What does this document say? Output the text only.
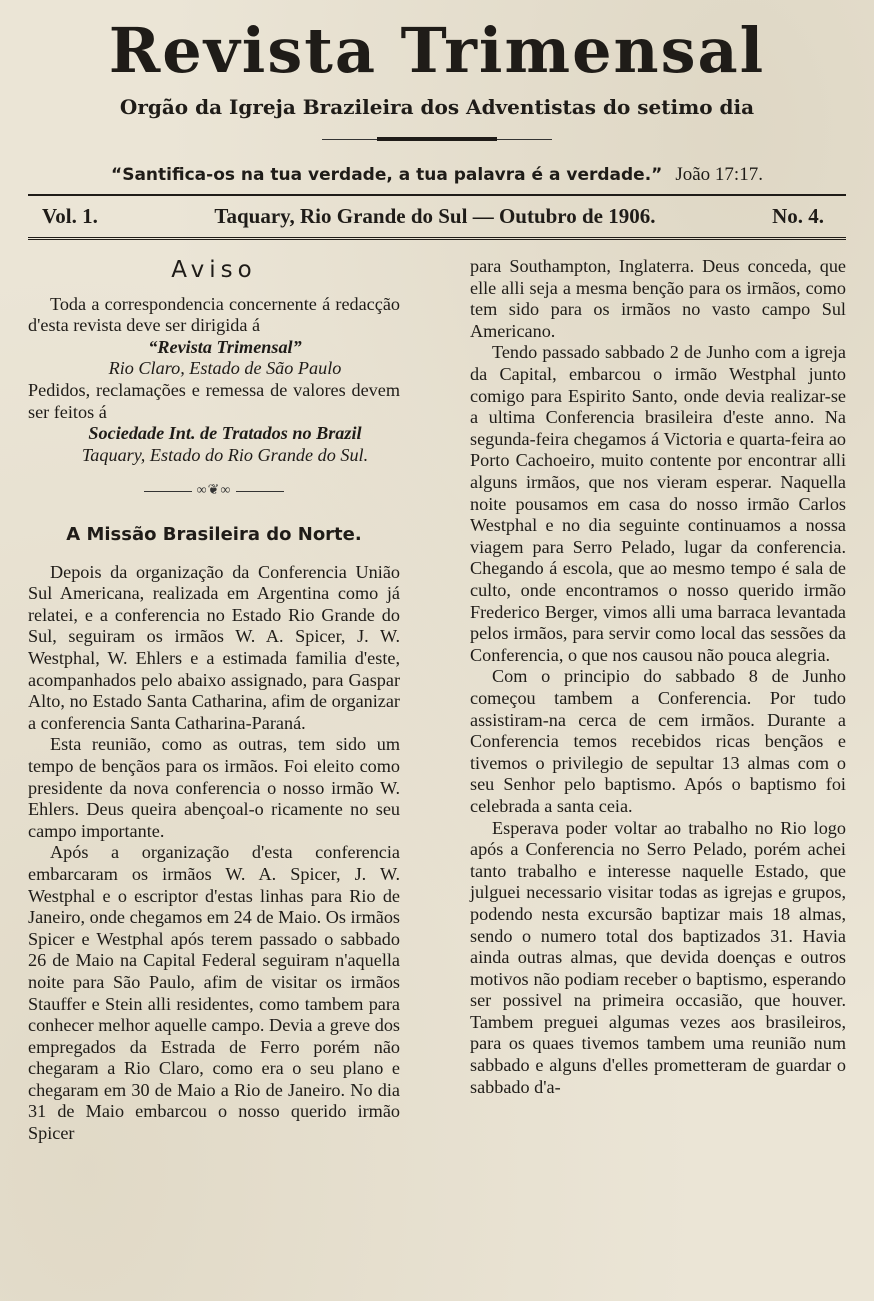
Revista Trimensal
Orgão da Igreja Brazileira dos Adventistas do setimo dia
“Santifica-os na tua verdade, a tua palavra é a verdade.” João 17:17.
Vol. 1.	Taquary, Rio Grande do Sul — Outubro de 1906.	No. 4.
Aviso

Toda a correspondencia concernente á redacção d'esta revista deve ser dirigida á

“Revista Trimensal”

Rio Claro, Estado de São Paulo

Pedidos, reclamações e remessa de valores devem ser feitos á

Sociedade Int. de Tratados no Brazil

Taquary, Estado do Rio Grande do Sul.

∞❦∞
A Missão Brasileira do Norte.

Depois da organização da Conferencia União Sul Americana, realizada em Argentina como já relatei, e a conferencia no Estado Rio Grande do Sul, seguiram os irmãos W. A. Spicer, J. W. Westphal, W. Ehlers e a estimada familia d'este, acompanhados pelo abaixo assignado, para Gaspar Alto, no Estado Santa Catharina, afim de organizar a conferencia Santa Catharina-Paraná.

Esta reunião, como as outras, tem sido um tempo de bençãos para os irmãos. Foi eleito como presidente da nova conferencia o nosso irmão W. Ehlers. Deus queira abençoal-o ricamente no seu campo importante.

Após a organização d'esta conferencia embarcaram os irmãos W. A. Spicer, J. W. Westphal e o escriptor d'estas linhas para Rio de Janeiro, onde chegamos em 24 de Maio. Os irmãos Spicer e Westphal após terem passado o sabbado 26 de Maio na Capital Federal seguiram n'aquella noite para São Paulo, afim de visitar os irmãos Stauffer e Stein alli residentes, como tambem para conhecer melhor aquelle campo. Devia a greve dos empregados da Estrada de Ferro porém não chegaram a Rio Claro, como era o seu plano e chegaram em 30 de Maio a Rio de Janeiro. No dia 31 de Maio embarcou o nosso querido irmão Spicer

para Southampton, Inglaterra. Deus conceda, que elle alli seja a mesma benção para os irmãos, como tem sido para os irmãos no vasto campo Sul Americano.

Tendo passado sabbado 2 de Junho com a igreja da Capital, embarcou o irmão Westphal junto comigo para Espirito Santo, onde devia realizar-se a ultima Conferencia brasileira d'este anno. Na segunda-feira chegamos á Victoria e quarta-feira ao Porto Cachoeiro, muito contente por encontrar alli alguns irmãos, que nos vieram esperar. Naquella noite pousamos em casa do nosso irmão Carlos Westphal e no dia seguinte continuamos a nossa viagem para Serro Pelado, lugar da conferencia. Chegando á escola, que ao mesmo tempo é sala de culto, onde encontramos o nosso querido irmão Frederico Berger, vimos alli uma barraca levantada pelos irmãos, para servir como local das sessões da Conferencia, o que nos causou não pouca alegria.

Com o principio do sabbado 8 de Junho começou tambem a Conferencia. Por tudo assistiram-na cerca de cem irmãos. Durante a Conferencia temos recebidos ricas bençãos e tivemos o privilegio de sepultar 13 almas com o seu Senhor pelo baptismo. Após o baptismo foi celebrada a santa ceia.

Esperava poder voltar ao trabalho no Rio logo após a Conferencia no Serro Pelado, porém achei tanto trabalho e interesse naquelle Estado, que julguei necessario visitar todas as igrejas e grupos, podendo nesta excursão baptizar mais 18 almas, sendo o numero total dos baptizados 31. Havia ainda outras almas, que devida doenças e outros motivos não podiam receber o baptismo, esperando ser possivel na primeira occasião, que houver. Tambem preguei algumas vezes aos brasileiros, para os quaes tivemos tambem uma reunião num sabbado e alguns d'elles prometteram de guardar o sabbado d'a-
